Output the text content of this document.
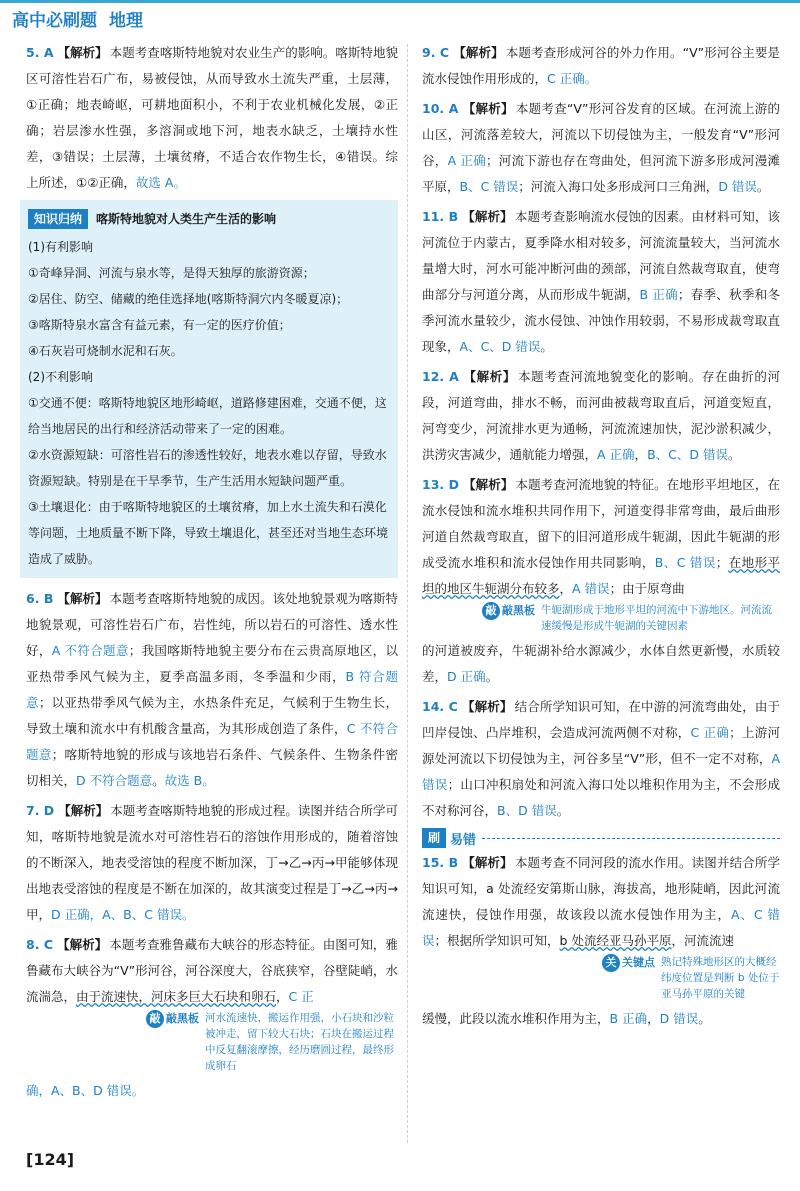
高中必刷题 地理
5. A 【解析】 本题考查喀斯特地貌对农业生产的影响。喀斯特地貌区可溶性岩石广布，易被侵蚀，从而导致水土流失严重，土层薄，①正确；地表崎岖，可耕地面积小，不利于农业机械化发展，②正确；岩层渗水性强，多溶洞或地下河，地表水缺乏，土壤持水性差，③错误；土层薄，土壤贫瘠，不适合农作物生长，④错误。综上所述，①②正确，故选 A。
知识归纳	喀斯特地貌对人类生产生活的影响

(1)有利影响

①奇峰异洞、河流与泉水等，是得天独厚的旅游资源；

②居住、防空、储藏的绝佳选择地(喀斯特洞穴内冬暖夏凉)；

③喀斯特泉水富含有益元素，有一定的医疗价值；

④石灰岩可烧制水泥和石灰。

(2)不利影响

①交通不便：喀斯特地貌区地形崎岖，道路修建困难，交通不便，这给当地居民的出行和经济活动带来了一定的困难。

②水资源短缺：可溶性岩石的渗透性较好，地表水难以存留，导致水资源短缺。特别是在干旱季节，生产生活用水短缺问题严重。

③土壤退化：由于喀斯特地貌区的土壤贫瘠，加上水土流失和石漠化等问题，土地质量不断下降，导致土壤退化，甚至还对当地生态环境造成了威胁。

6. B 【解析】 本题考查喀斯特地貌的成因。该处地貌景观为喀斯特地貌景观，可溶性岩石广布，岩性纯，所以岩石的可溶性、透水性好，A 不符合题意；我国喀斯特地貌主要分布在云贵高原地区，以亚热带季风气候为主，夏季高温多雨，冬季温和少雨，B 符合题意；以亚热带季风气候为主，水热条件充足，气候利于生物生长，导致土壤和流水中有机酸含量高，为其形成创造了条件，C 不符合题意；喀斯特地貌的形成与该地岩石条件、气候条件、生物条件密切相关，D 不符合题意。故选 B。
7. D 【解析】 本题考查喀斯特地貌的形成过程。读图并结合所学可知，喀斯特地貌是流水对可溶性岩石的溶蚀作用形成的，随着溶蚀的不断深入，地表受溶蚀的程度不断加深，丁→乙→丙→甲能够体现出地表受溶蚀的程度是不断在加深的，故其演变过程是丁→乙→丙→甲，D 正确，A、B、C 错误。
8. C 【解析】 本题考查雅鲁藏布大峡谷的形态特征。由图可知，雅鲁藏布大峡谷为“V”形河谷，河谷深度大，谷底狭窄，谷壁陡峭，水流湍急，由于流速快，河床多巨大石块和卵石，C 正
敲 敲黑板 河水流速快，搬运作用强，小石块和沙粒被冲走，留下较大石块；石块在搬运过程中反复翻滚摩擦，经历磨圆过程，最终形成卵石
确，A、B、D 错误。
[124]
9. C 【解析】 本题考查形成河谷的外力作用。“V”形河谷主要是流水侵蚀作用形成的，C 正确。
10. A 【解析】 本题考查“V”形河谷发育的区域。在河流上游的山区，河流落差较大，河流以下切侵蚀为主，一般发育“V”形河谷，A 正确；河流下游也存在弯曲处，但河流下游多形成河漫滩平原，B、C 错误；河流入海口处多形成河口三角洲，D 错误。
11. B 【解析】 本题考查影响流水侵蚀的因素。由材料可知，该河流位于内蒙古，夏季降水相对较多，河流流量较大，当河流水量增大时，河水可能冲断河曲的颈部，河流自然裁弯取直，使弯曲部分与河道分离，从而形成牛轭湖，B 正确；春季、秋季和冬季河流水量较少，流水侵蚀、冲蚀作用较弱，不易形成裁弯取直现象，A、C、D 错误。
12. A 【解析】 本题考查河流地貌变化的影响。存在曲折的河段，河道弯曲，排水不畅，而河曲被裁弯取直后，河道变短直，河弯变少，河流排水更为通畅，河流流速加快，泥沙淤积减少，洪涝灾害减少，通航能力增强，A 正确，B、C、D 错误。
13. D 【解析】 本题考查河流地貌的特征。在地形平坦地区，在流水侵蚀和流水堆积共同作用下，河道变得非常弯曲，最后曲形河道自然裁弯取直，留下的旧河道形成牛轭湖，因此牛轭湖的形成受流水堆积和流水侵蚀作用共同影响，B、C 错误；在地形平坦的地区牛轭湖分布较多，A 错误；由于原弯曲
敲 敲黑板 牛轭湖形成于地形平坦的河流中下游地区。河流流速缓慢是形成牛轭湖的关键因素
的河道被废弃，牛轭湖补给水源减少，水体自然更新慢，水质较差，D 正确。
14. C 【解析】 结合所学知识可知，在中游的河流弯曲处，由于凹岸侵蚀、凸岸堆积，会造成河流两侧不对称，C 正确；上游河源处河流以下切侵蚀为主，河谷多呈“V”形，但不一定不对称，A 错误；山口冲积扇处和河流入海口处以堆积作用为主，不会形成不对称河谷，B、D 错误。
刷 易错
15. B 【解析】 本题考查不同河段的流水作用。读图并结合所学知识可知，a 处流经安第斯山脉，海拔高，地形陡峭，因此河流流速快，侵蚀作用强，故该段以流水侵蚀作用为主，A、C 错误；根据所学知识可知，b 处流经亚马孙平原，河流流速
关 关键点 熟记特殊地形区的大概经纬度位置是判断 b 处位于亚马孙平原的关键
缓慢，此段以流水堆积作用为主，B 正确，D 错误。
